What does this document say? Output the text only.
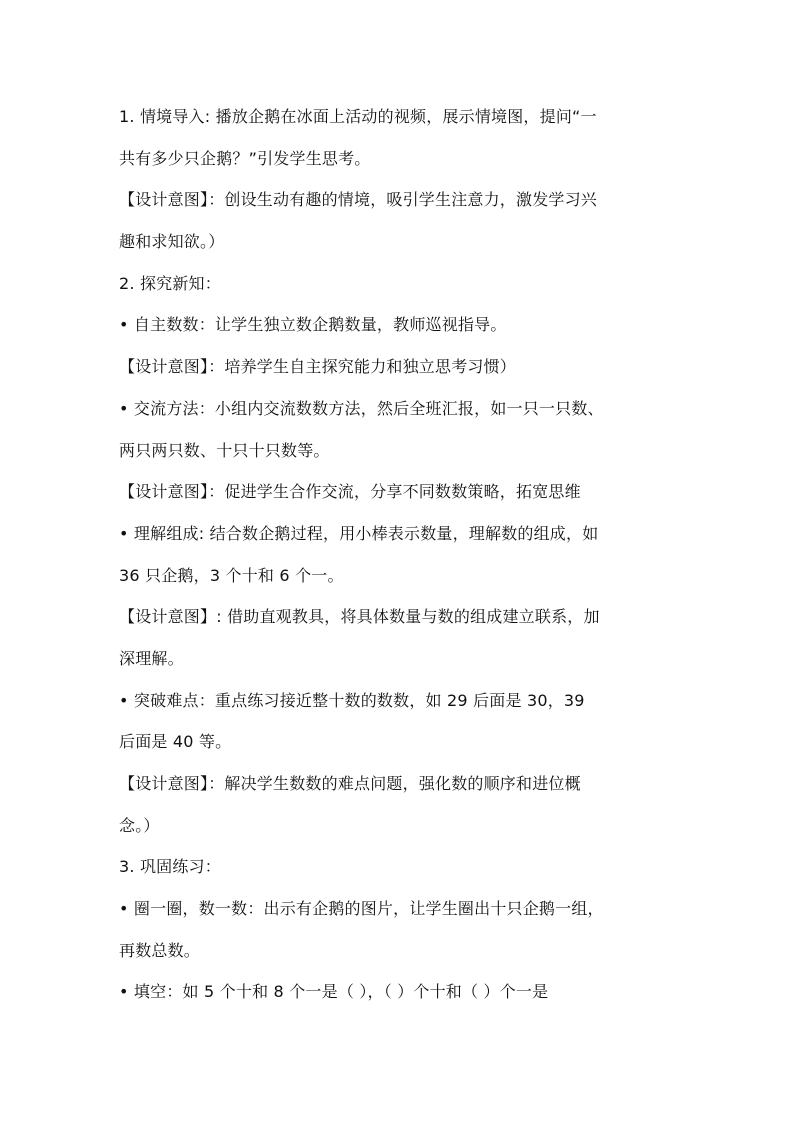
1. 情境导入: 播放企鹅在冰面上活动的视频，展示情境图，提问“一
共有多少只企鹅？”引发学生思考。
【设计意图】：创设生动有趣的情境，吸引学生注意力，激发学习兴
趣和求知欲。）
2. 探究新知：
• 自主数数：让学生独立数企鹅数量，教师巡视指导。
【设计意图】：培养学生自主探究能力和独立思考习惯）
• 交流方法：小组内交流数数方法，然后全班汇报，如一只一只数、
两只两只数、十只十只数等。
【设计意图】：促进学生合作交流，分享不同数数策略，拓宽思维
• 理解组成: 结合数企鹅过程，用小棒表示数量，理解数的组成，如
36 只企鹅，3 个十和 6 个一。
【设计意图】: 借助直观教具，将具体数量与数的组成建立联系，加
深理解。
• 突破难点：重点练习接近整十数的数数，如 29 后面是 30，39
后面是 40 等。
【设计意图】：解决学生数数的难点问题，强化数的顺序和进位概
念。）
3. 巩固练习：
• 圈一圈，数一数：出示有企鹅的图片，让学生圈出十只企鹅一组，
再数总数。
• 填空：如 5 个十和 8 个一是（ ），（ ）个十和（ ）个一是
